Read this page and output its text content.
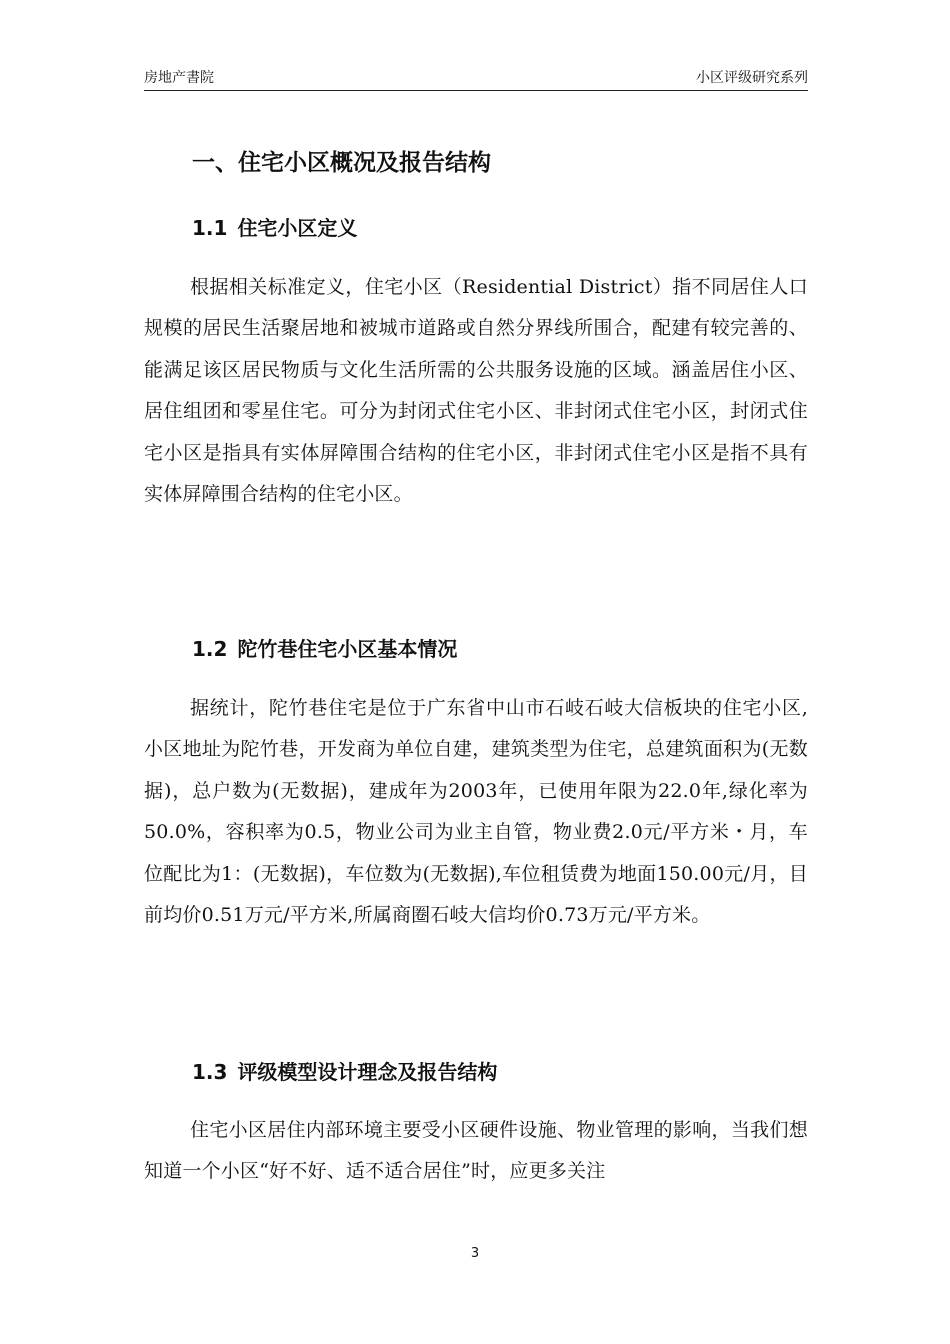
房地产書院	小区评级研究系列
一、住宅小区概况及报告结构
1.1 住宅小区定义

根据相关标准定义，住宅小区（Residential District）指不同居住人口规模的居民生活聚居地和被城市道路或自然分界线所围合，配建有较完善的、能满足该区居民物质与文化生活所需的公共服务设施的区域。涵盖居住小区、居住组团和零星住宅。可分为封闭式住宅小区、非封闭式住宅小区，封闭式住宅小区是指具有实体屏障围合结构的住宅小区，非封闭式住宅小区是指不具有实体屏障围合结构的住宅小区。

1.2 陀竹巷住宅小区基本情况

据统计，陀竹巷住宅是位于广东省中山市石岐石岐大信板块的住宅小区,小区地址为陀竹巷，开发商为单位自建，建筑类型为住宅，总建筑面积为(无数据)，总户数为(无数据)，建成年为2003年，已使用年限为22.0年,绿化率为50.0%，容积率为0.5，物业公司为业主自管，物业费2.0元/平方米・月，车位配比为1：(无数据)，车位数为(无数据),车位租赁费为地面150.00元/月，目前均价0.51万元/平方米,所属商圈石岐大信均价0.73万元/平方米。

1.3 评级模型设计理念及报告结构

住宅小区居住内部环境主要受小区硬件设施、物业管理的影响，当我们想知道一个小区“好不好、适不适合居住”时，应更多关注

3
